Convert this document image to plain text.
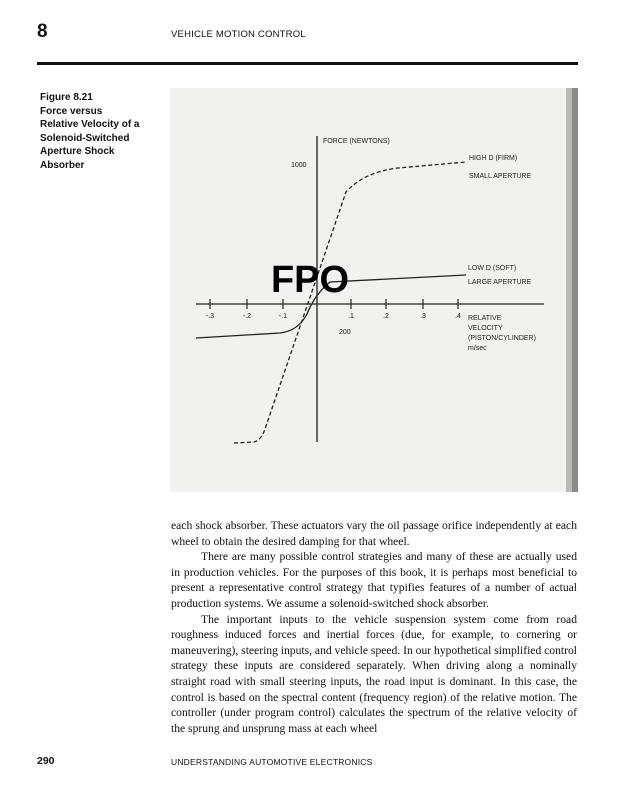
8	VEHICLE MOTION CONTROL
Figure 8.21
Force versus
Relative Velocity of a
Solenoid-Switched
Aperture Shock
Absorber
-.3	-.2	-.1	.1	.2	.3	.4
FORCE (NEWTONS)
1000
200
RELATIVE
VELOCITY
(PISTON/CYLINDER)
m/sec
HIGH D (FIRM)
SMALL APERTURE
LOW D (SOFT)
LARGE APERTURE
FPO

each shock absorber. These actuators vary the oil passage orifice independently at each wheel to obtain the desired damping for that wheel.

There are many possible control strategies and many of these are actually used in production vehicles. For the purposes of this book, it is perhaps most beneficial to present a representative control strategy that typifies features of a number of actual production systems. We assume a solenoid-switched shock absorber.

The important inputs to the vehicle suspension system come from road roughness induced forces and inertial forces (due, for example, to cornering or maneuvering), steering inputs, and vehicle speed. In our hypothetical simplified control strategy these inputs are considered separately. When driving along a nominally straight road with small steering inputs, the road input is dominant. In this case, the control is based on the spectral content (frequency region) of the relative motion. The controller (under program control) calculates the spectrum of the relative velocity of the sprung and unsprung mass at each wheel

290	UNDERSTANDING AUTOMOTIVE ELECTRONICS
